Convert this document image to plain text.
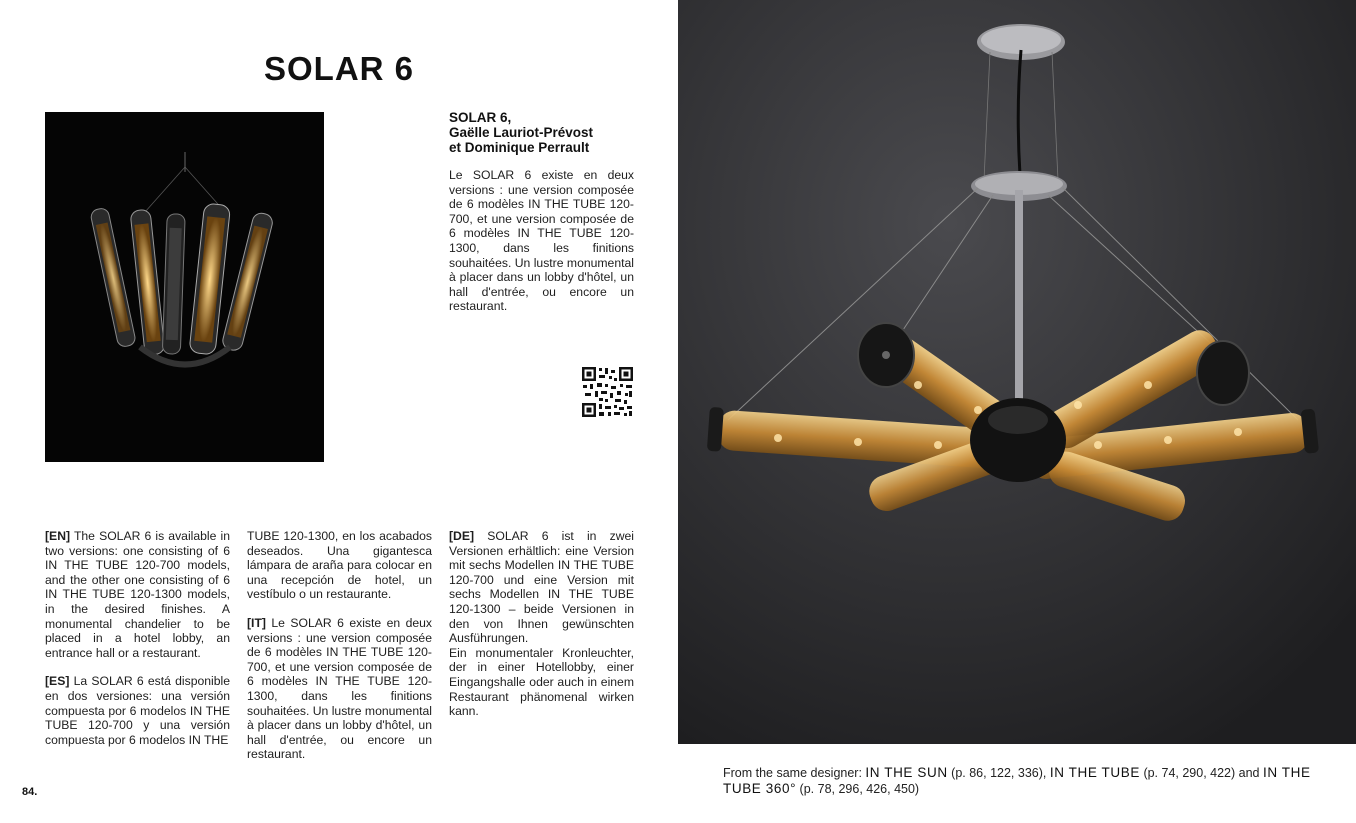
SOLAR 6
SOLAR 6,
Gaëlle Lauriot-Prévost
et Dominique Perrault
Le SOLAR 6 existe en deux versions : une version composée de 6 modèles IN THE TUBE 120-700, et une version composée de 6 modèles IN THE TUBE 120-1300, dans les finitions souhaitées. Un lustre monumental à placer dans un lobby d'hôtel, un hall d'entrée, ou encore un restaurant.
[EN] The SOLAR 6 is available in two versions: one consisting of 6 IN THE TUBE 120-700 models, and the other one consisting of 6 IN THE TUBE 120-1300 models, in the desired finishes. A monumental chandelier to be placed in a hotel lobby, an entrance hall or a restaurant.
[ES] La SOLAR 6 está disponible en dos versiones: una versión compuesta por 6 modelos IN THE TUBE 120-700 y una versión compuesta por 6 modelos IN THE
TUBE 120-1300, en los acabados deseados. Una gigantesca lámpara de araña para colocar en una recepción de hotel, un vestíbulo o un restaurante.
[IT] Le SOLAR 6 existe en deux versions : une version composée de 6 modèles IN THE TUBE 120-700, et une version composée de 6 modèles IN THE TUBE 120-1300, dans les finitions souhaitées. Un lustre monumental à placer dans un lobby d'hôtel, un hall d'entrée, ou encore un restaurant.
[DE] SOLAR 6 ist in zwei Versionen erhältlich: eine Version mit sechs Modellen IN THE TUBE 120-700 und eine Version mit sechs Modellen IN THE TUBE 120-1300 – beide Versionen in den von Ihnen gewünschten Ausführungen.
Ein monumentaler Kronleuchter, der in einer Hotellobby, einer Eingangshalle oder auch in einem Restaurant phänomenal wirken kann.
84.
From the same designer: IN THE SUN (p. 86, 122, 336), IN THE TUBE (p. 74, 290, 422) and IN THE TUBE 360° (p. 78, 296, 426, 450)
